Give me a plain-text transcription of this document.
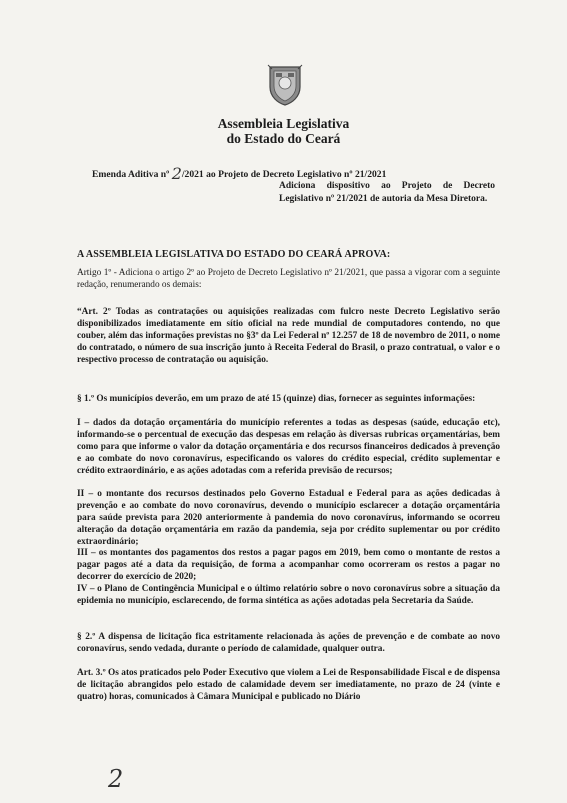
Assembleia Legislativa
do Estado do Ceará
Emenda Aditiva nº 2/2021 ao Projeto de Decreto Legislativo nº 21/2021
Adiciona dispositivo ao Projeto de Decreto Legislativo nº 21/2021 de autoria da Mesa Diretora.
A ASSEMBLEIA LEGISLATIVA DO ESTADO DO CEARÁ APROVA:
Artigo 1º - Adiciona o artigo 2º ao Projeto de Decreto Legislativo nº 21/2021, que passa a vigorar com a seguinte redação, renumerando os demais:
“Art. 2º Todas as contratações ou aquisições realizadas com fulcro neste Decreto Legislativo serão disponibilizados imediatamente em sítio oficial na rede mundial de computadores contendo, no que couber, além das informações previstas no §3º da Lei Federal nº 12.257 de 18 de novembro de 2011, o nome do contratado, o número de sua inscrição junto à Receita Federal do Brasil, o prazo contratual, o valor e o respectivo processo de contratação ou aquisição.
§ 1.º Os municípios deverão, em um prazo de até 15 (quinze) dias, fornecer as seguintes informações:
I – dados da dotação orçamentária do município referentes a todas as despesas (saúde, educação etc), informando-se o percentual de execução das despesas em relação às diversas rubricas orçamentárias, bem como para que informe o valor da dotação orçamentária e dos recursos financeiros dedicados à prevenção e ao combate do novo coronavírus, especificando os valores do crédito especial, crédito suplementar e crédito extraordinário, e as ações adotadas com a referida previsão de recursos;
II – o montante dos recursos destinados pelo Governo Estadual e Federal para as ações dedicadas à prevenção e ao combate do novo coronavírus, devendo o município esclarecer a dotação orçamentária para saúde prevista para 2020 anteriormente à pandemia do novo coronavírus, informando se ocorreu alteração da dotação orçamentária em razão da pandemia, seja por crédito suplementar ou por crédito extraordinário;
III – os montantes dos pagamentos dos restos a pagar pagos em 2019, bem como o montante de restos a pagar pagos até a data da requisição, de forma a acompanhar como ocorreram os restos a pagar no decorrer do exercício de 2020;
IV – o Plano de Contingência Municipal e o último relatório sobre o novo coronavírus sobre a situação da epidemia no município, esclarecendo, de forma sintética as ações adotadas pela Secretaria da Saúde.
§ 2.º A dispensa de licitação fica estritamente relacionada às ações de prevenção e de combate ao novo coronavírus, sendo vedada, durante o período de calamidade, qualquer outra.
Art. 3.º Os atos praticados pelo Poder Executivo que violem a Lei de Responsabilidade Fiscal e de dispensa de licitação abrangidos pelo estado de calamidade devem ser imediatamente, no prazo de 24 (vinte e quatro) horas, comunicados à Câmara Municipal e publicado no Diário
2
